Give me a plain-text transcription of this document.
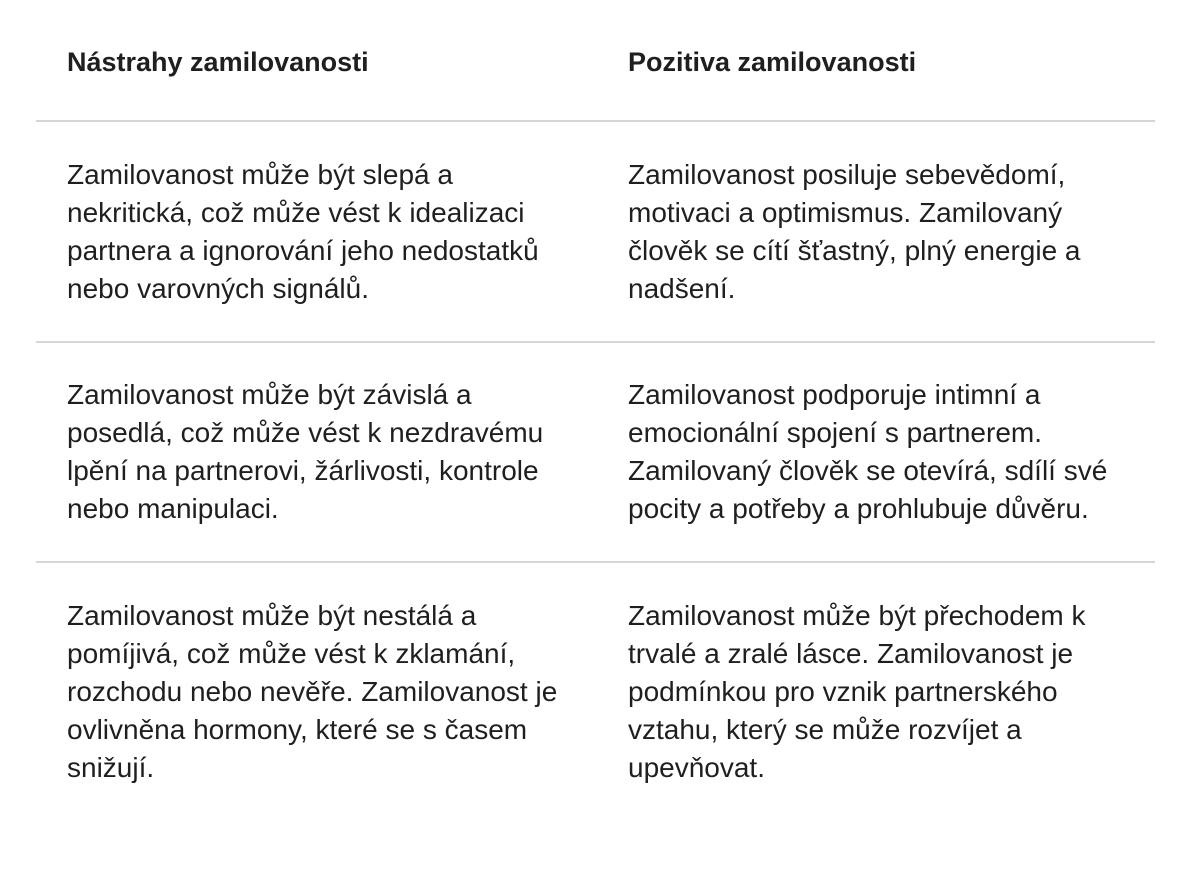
Nástrahy zamilovanosti	Pozitiva zamilovanosti
Zamilovanost může být slepá a nekritická, což může vést k idealizaci partnera a ignorování jeho nedostatků nebo varovných signálů.
Zamilovanost posiluje sebevědomí, motivaci a optimismus. Zamilovaný člověk se cítí šťastný, plný energie a nadšení.
Zamilovanost může být závislá a posedlá, což může vést k nezdravému lpění na partnerovi, žárlivosti, kontrole nebo manipulaci.
Zamilovanost podporuje intimní a emocionální spojení s partnerem. Zamilovaný člověk se otevírá, sdílí své pocity a potřeby a prohlubuje důvěru.
Zamilovanost může být nestálá a pomíjivá, což může vést k zklamání, rozchodu nebo nevěře. Zamilovanost je ovlivněna hormony, které se s časem snižují.
Zamilovanost může být přechodem k trvalé a zralé lásce. Zamilovanost je podmínkou pro vznik partnerského vztahu, který se může rozvíjet a upevňovat.
